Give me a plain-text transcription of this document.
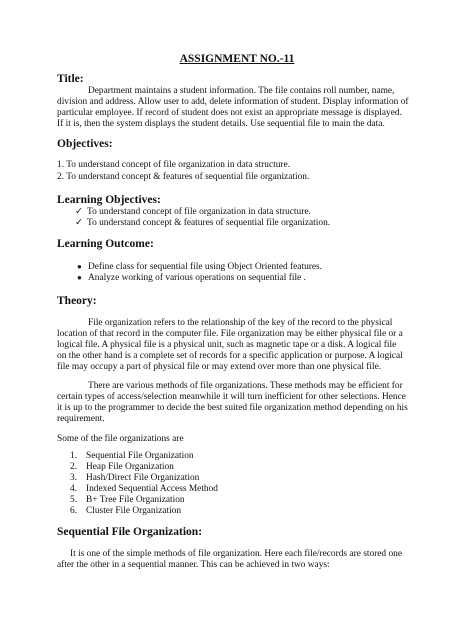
ASSIGNMENT NO.-11
Title:
Department maintains a student information. The file contains roll number, name,
division and address. Allow user to add, delete information of student. Display information of
particular employee. If record of student does not exist an appropriate message is displayed.
If it is, then the system displays the student details. Use sequential file to main the data.
Objectives:
1. To understand concept of file organization in data structure.
2. To understand concept & features of sequential file organization.
Learning Objectives:
✓ To understand concept of file organization in data structure.
✓ To understand concept & features of sequential file organization.
Learning Outcome:
● Define class for sequential file using Object Oriented features.
● Analyze working of various operations on sequential file .
Theory:
File organization refers to the relationship of the key of the record to the physical
location of that record in the computer file. File organization may be either physical file or a
logical file. A physical file is a physical unit, such as magnetic tape or a disk. A logical file
on the other hand is a complete set of records for a specific application or purpose. A logical
file may occupy a part of physical file or may extend over more than one physical file.
There are various methods of file organizations. These methods may be efficient for
certain types of access/selection meanwhile it will turn inefficient for other selections. Hence
it is up to the programmer to decide the best suited file organization method depending on his
requirement.
Some of the file organizations are
1. Sequential File Organization
2. Heap File Organization
3. Hash/Direct File Organization
4. Indexed Sequential Access Method
5. B+ Tree File Organization
6. Cluster File Organization
Sequential File Organization:
It is one of the simple methods of file organization. Here each file/records are stored one
after the other in a sequential manner. This can be achieved in two ways:
